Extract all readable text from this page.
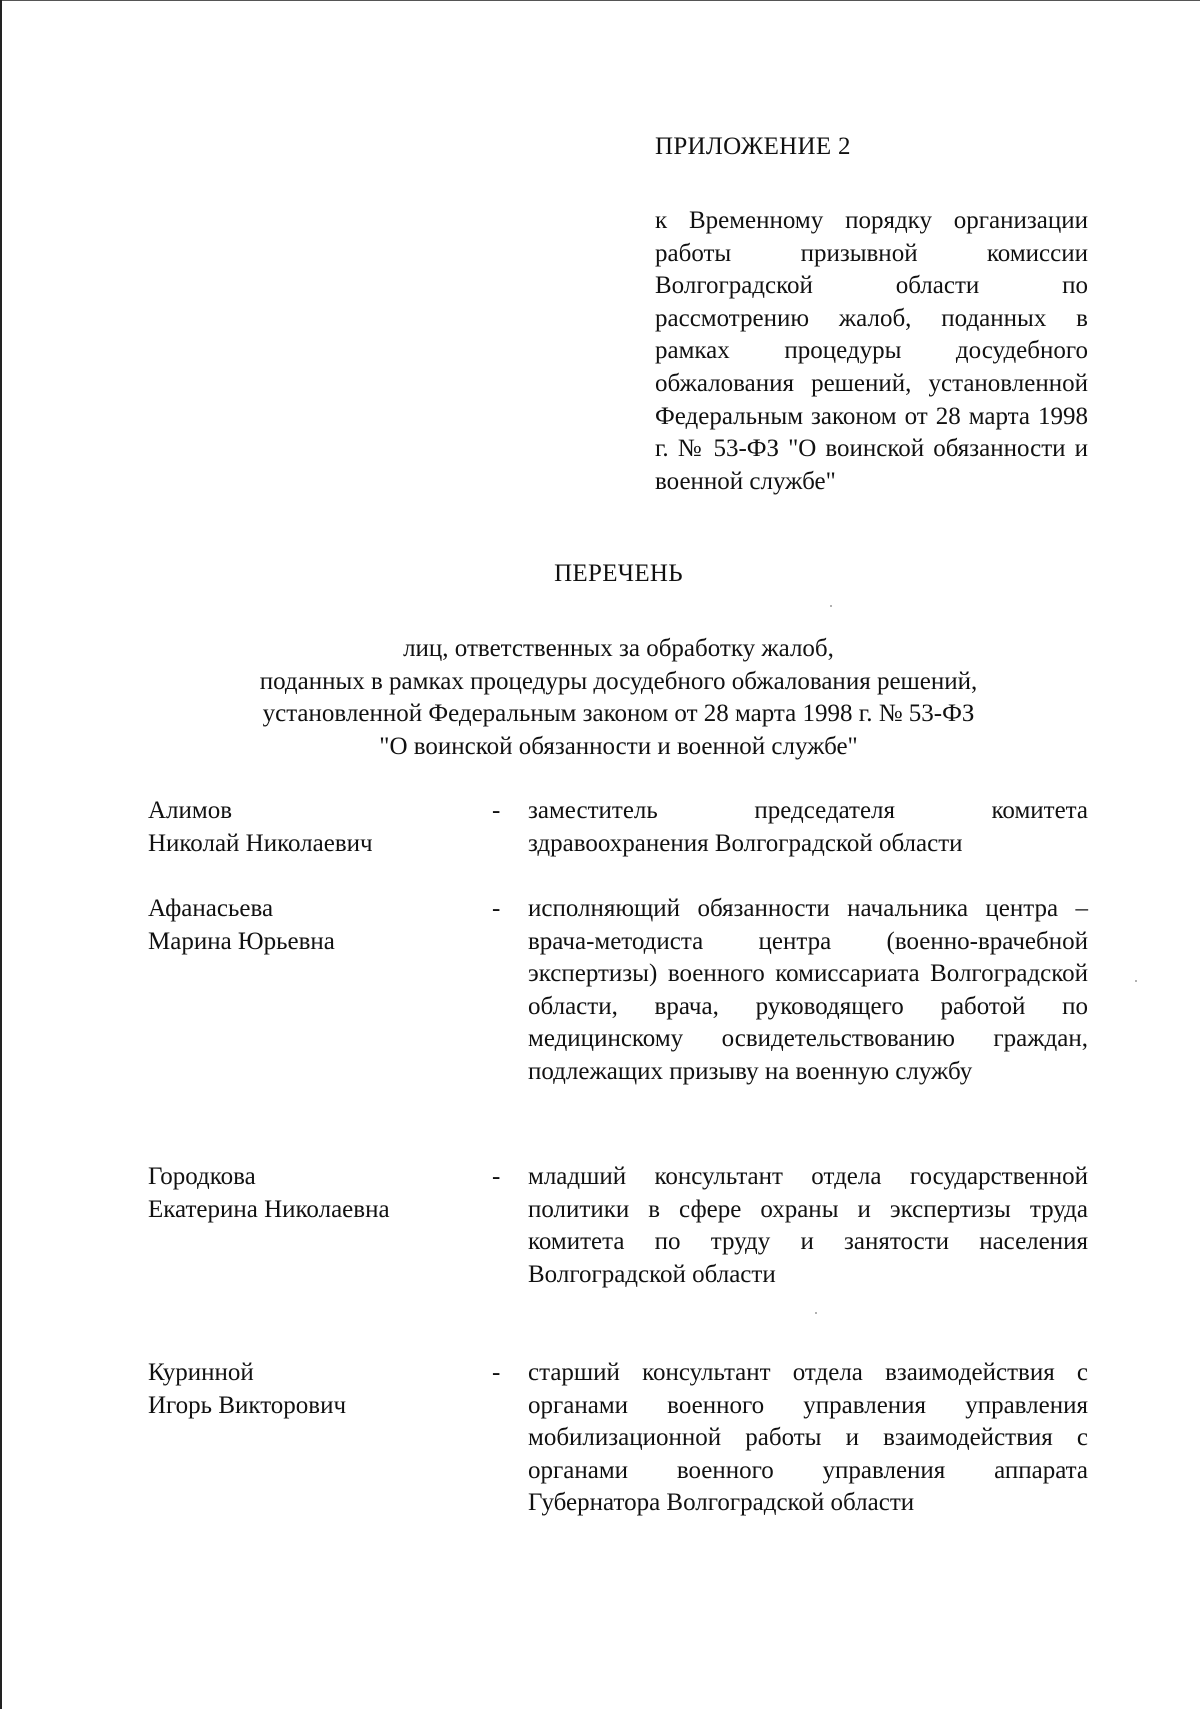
ПРИЛОЖЕНИЕ 2

к Временному порядку организации работы призывной комиссии Волгоградской области по рассмотрению жалоб, поданных в рамках процедуры досудебного обжалования решений, установленной Федеральным законом от 28 марта 1998 г. № 53-ФЗ "О воинской обязанности и военной службе"

ПЕРЕЧЕНЬ

лиц, ответственных за обработку жалоб,
поданных в рамках процедуры досудебного обжалования решений,
установленной Федеральным законом от 28 марта 1998 г. № 53-ФЗ
"О воинской обязанности и военной службе"

Алимов
Николай Николаевич
- заместитель председателя комитета здравоохранения Волгоградской области

Афанасьева
Марина Юрьевна
- исполняющий обязанности начальника центра – врача-методиста центра (военно-врачебной экспертизы) военного комиссариата Волгоградской области, врача, руководящего работой по медицинскому освидетельствованию граждан, подлежащих призыву на военную службу

Городкова
Екатерина Николаевна
- младший консультант отдела государственной политики в сфере охраны и экспертизы труда комитета по труду и занятости населения Волгоградской области

Куринной
Игорь Викторович
- старший консультант отдела взаимодействия с органами военного управления управления мобилизационной работы и взаимодействия с органами военного управления аппарата Губернатора Волгоградской области
